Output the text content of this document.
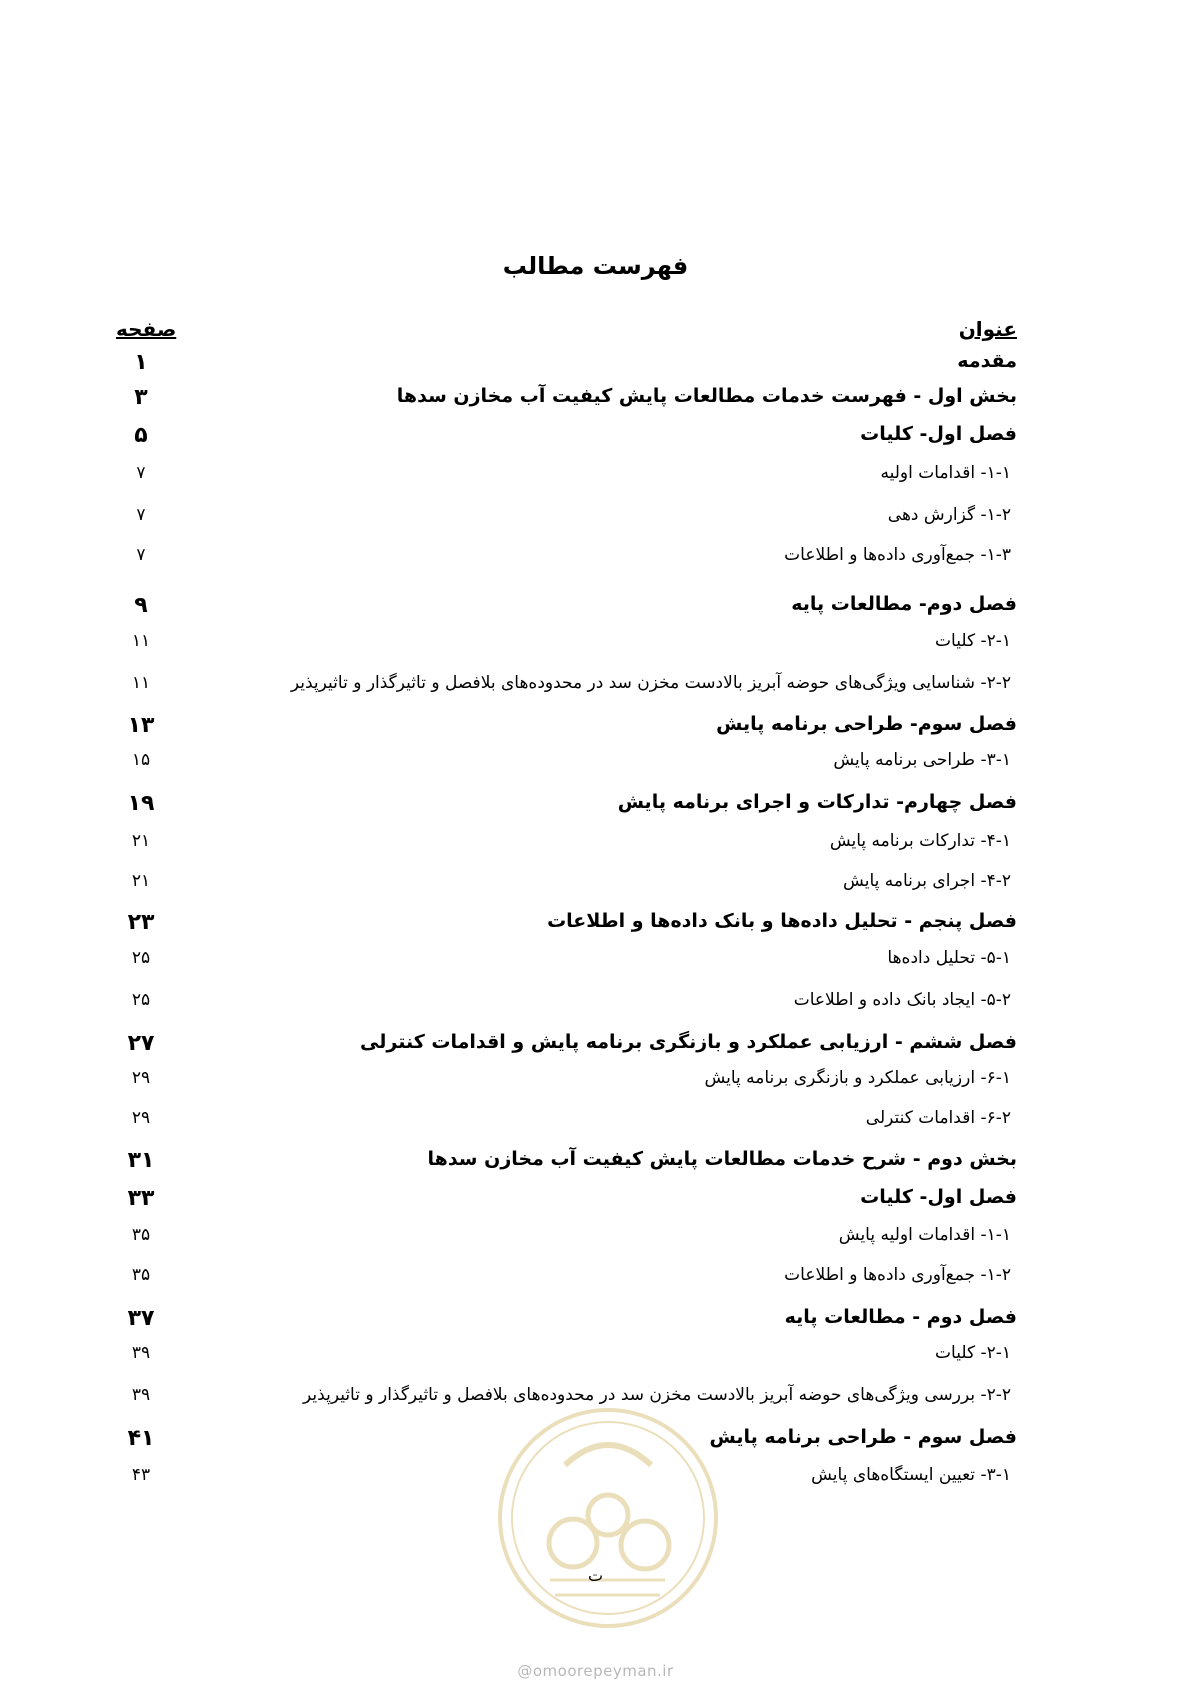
فهرست مطالب
عنوان
صفحه
مقدمه
۱
بخش اول - فهرست خدمات مطالعات پایش کیفیت آب مخازن سدها
۳
فصل اول- کلیات
۵
۱-۱- اقدامات اولیه
۷
۱-۲- گزارش دهی
۷
۱-۳- جمع‌آوری داده‌ها و اطلاعات
۷
فصل دوم- مطالعات پایه
۹
۲-۱- کلیات
۱۱
۲-۲- شناسایی ویژگی‌های حوضه آبریز بالادست مخزن سد در محدوده‌های بلافصل و تاثیرگذار و تاثیرپذیر
۱۱
فصل سوم- طراحی برنامه پایش
۱۳
۳-۱- طراحی برنامه پایش
۱۵
فصل چهارم- تدارکات و اجرای برنامه پایش
۱۹
۴-۱- تدارکات برنامه پایش
۲۱
۴-۲- اجرای برنامه پایش
۲۱
فصل پنجم - تحلیل داده‌ها و بانک داده‌ها و اطلاعات
۲۳
۵-۱- تحلیل داده‌ها
۲۵
۵-۲- ایجاد بانک داده و اطلاعات
۲۵
فصل ششم - ارزیابی عملکرد و بازنگری برنامه پایش و اقدامات کنترلی
۲۷
۶-۱- ارزیابی عملکرد و بازنگری برنامه پایش
۲۹
۶-۲- اقدامات کنترلی
۲۹
بخش دوم - شرح خدمات مطالعات پایش کیفیت آب مخازن سدها
۳۱
فصل اول- کلیات
۳۳
۱-۱- اقدامات اولیه پایش
۳۵
۱-۲- جمع‌آوری داده‌ها و اطلاعات
۳۵
فصل دوم - مطالعات پایه
۳۷
۲-۱- کلیات
۳۹
۲-۲- بررسی ویژگی‌های حوضه آبریز بالادست مخزن سد در محدوده‌های بلافصل و تاثیرگذار و تاثیرپذیر
۳۹
فصل سوم - طراحی برنامه پایش
۴۱
۳-۱- تعیین ایستگاه‌های پایش
۴۳
ت
@omoorepeyman.ir
